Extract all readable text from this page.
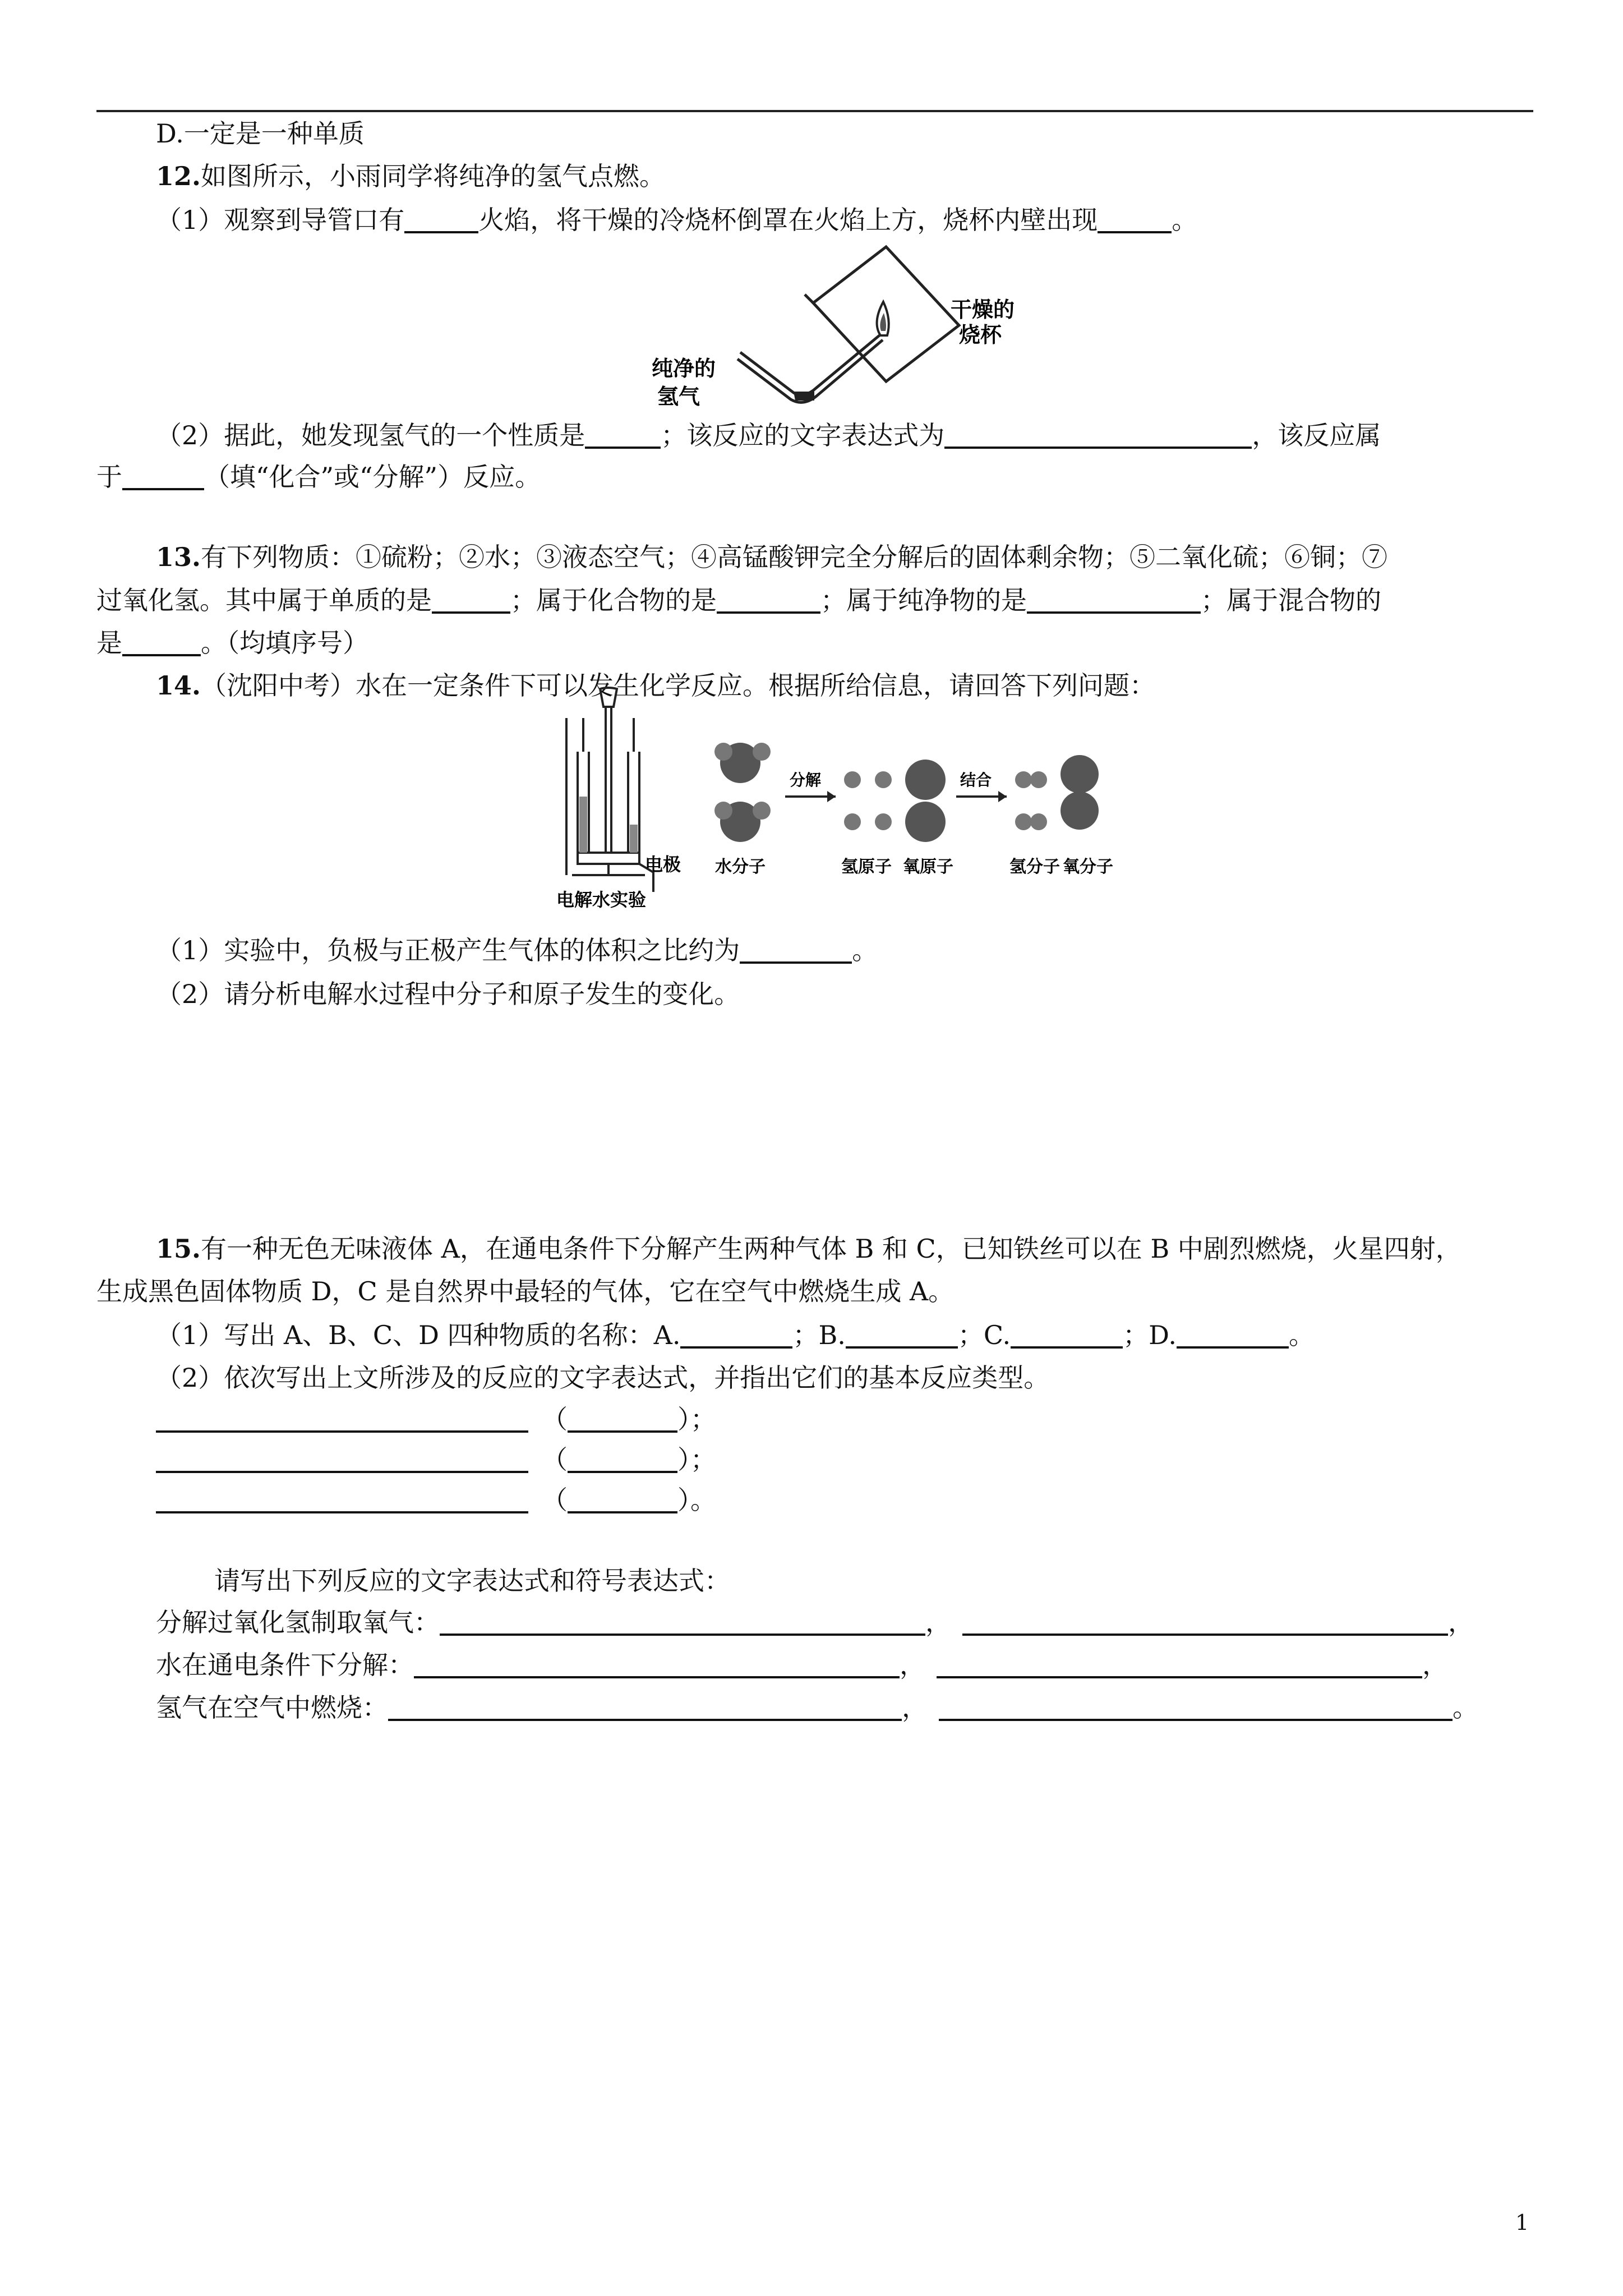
D.一定是一种单质
12.如图所示，小雨同学将纯净的氢气点燃。
（1）观察到导管口有	火焰，将干燥的冷烧杯倒罩在火焰上方，烧杯内壁出现	。
干燥的
烧杯
纯净的
氢气
（2）据此，她发现氢气的一个性质是	；该反应的文字表达式为	，该反应属
于	（填“化合”或“分解”）反应。
13.有下列物质：①硫粉；②水；③液态空气；④高锰酸钾完全分解后的固体剩余物；⑤二氧化硫；⑥铜；⑦
过氧化氢。其中属于单质的是	；属于化合物的是	；属于纯净物的是	；属于混合物的
是	。（均填序号）
14.（沈阳中考）水在一定条件下可以发生化学反应。根据所给信息，请回答下列问题：
电极
电解水实验
水分子
分解
氢原子 氧原子
结合
氢分子 氧分子
（1）实验中，负极与正极产生气体的体积之比约为	。
（2）请分析电解水过程中分子和原子发生的变化。
15.有一种无色无味液体 A，在通电条件下分解产生两种气体 B 和 C，已知铁丝可以在 B 中剧烈燃烧，火星四射，
生成黑色固体物质 D，C 是自然界中最轻的气体，它在空气中燃烧生成 A。
（1）写出 A、B、C、D 四种物质的名称：A.	；B.	；C.	；D.	。
（2）依次写出上文所涉及的反应的文字表达式，并指出它们的基本反应类型。
（	）；
（	）；
（	）。
请写出下列反应的文字表达式和符号表达式：
分解过氧化氢制取氧气：	，	，
水在通电条件下分解：	，	，
氢气在空气中燃烧：	，	。
1
